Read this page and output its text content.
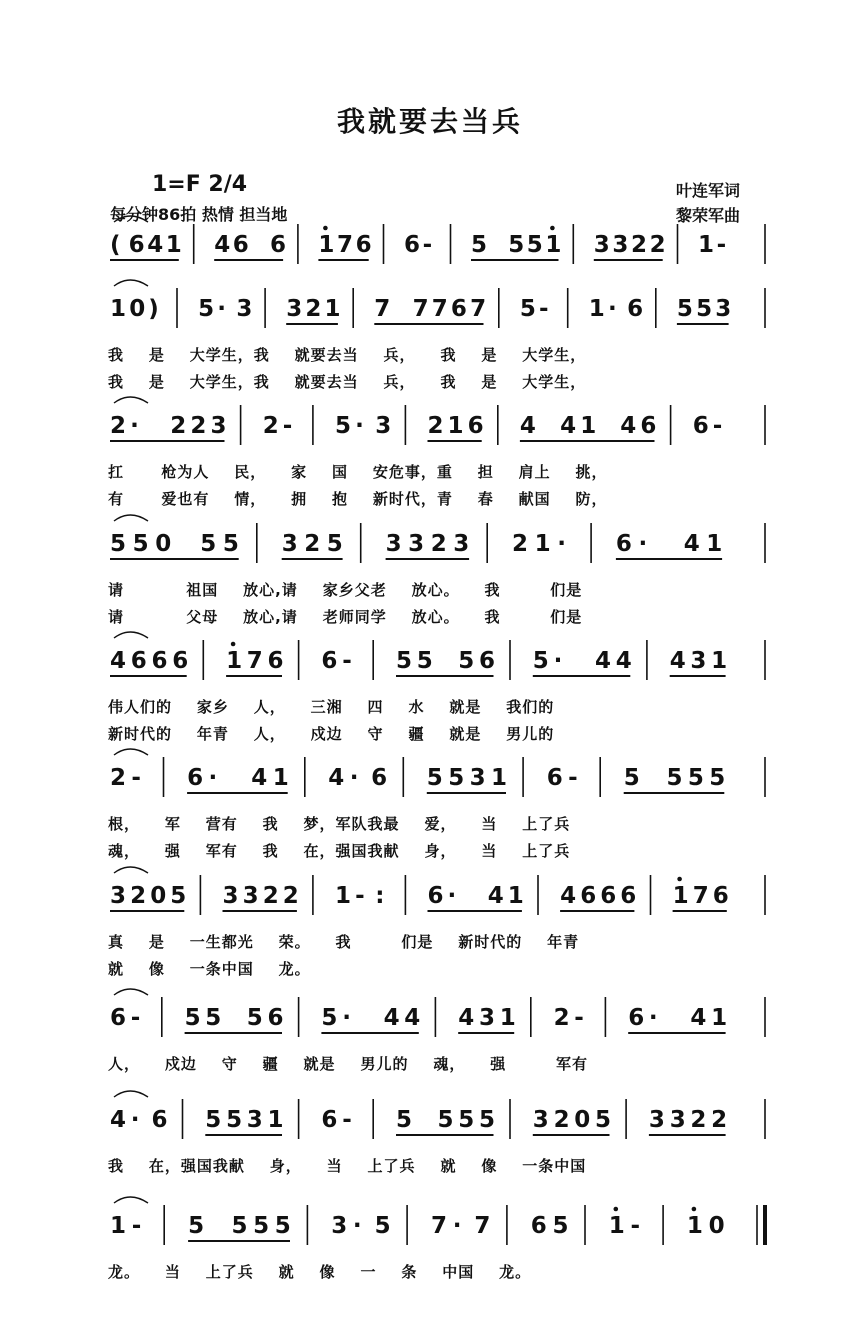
我就要去当兵
1=F 2/4
每分钟86拍 热情 担当地
叶连军词
黎荣军曲
( 6 4 1 4 6 6 1 7 6 6 - 5 5 5 1 3 3 2 2 1 -
1 0 ) 5 · 3 3 2 1 7 7 7 6 7 5 - 1 · 6 5 5 3
我    是    大学生，我    就要去当    兵，    我    是    大学生，
我    是    大学生，我    就要去当    兵，    我    是    大学生，
2 · 2 2 3 2 - 5 · 3 2 1 6 4 4 1 4 6 6 -
扛      枪为人    民，    家    国    安危事，重    担    肩上    挑，
有      爱也有    情，    拥    抱    新时代，青    春    献国    防，
5 5 0 5 5 3 2 5 3 3 2 3 2 1 · 6 · 4 1
请          祖国    放心,请    家乡父老    放心。    我        们是
请          父母    放心,请    老师同学    放心。    我        们是
4 6 6 6 1 7 6 6 - 5 5 5 6 5 · 4 4 4 3 1
伟人们的    家乡    人，    三湘    四    水    就是    我们的
新时代的    年青    人，    戍边    守    疆    就是    男儿的
2 - 6 · 4 1 4 · 6 5 5 3 1 6 - 5 5 5 5
根，    军    营有    我    梦，军队我最    爱，    当    上了兵
魂，    强    军有    我    在，强国我献    身，    当    上了兵
3 2 0 5 3 3 2 2 1 - : 6 · 4 1 4 6 6 6 1 7 6
真    是    一生都光    荣。    我        们是    新时代的    年青
就    像    一条中国    龙。
6 - 5 5 5 6 5 · 4 4 4 3 1 2 - 6 · 4 1
人，    戍边    守    疆    就是    男儿的    魂，    强        军有
4 · 6 5 5 3 1 6 - 5 5 5 5 3 2 0 5 3 3 2 2
我    在，强国我献    身，    当    上了兵    就    像    一条中国
1 - 5 5 5 5 3 · 5 7 · 7 6 5 1 - 1 0
龙。    当    上了兵    就    像    一    条    中国    龙。
